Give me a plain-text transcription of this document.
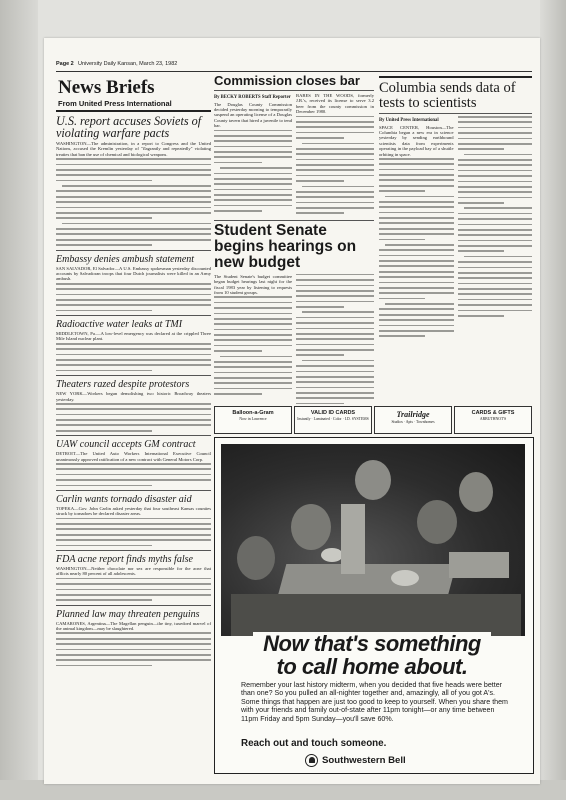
Page 2 University Daily Kansan, March 23, 1982
News Briefs
From United Press International
U.S. report accuses Soviets of violating warfare pacts
WASHINGTON—The administration, in a report to Congress and the United Nations, accused the Kremlin yesterday of "flagrantly and repeatedly" violating treaties that ban the use of chemical and biological weapons.
Embassy denies ambush statement
SAN SALVADOR, El Salvador—A U.S. Embassy spokesman yesterday discounted accounts by Salvadoran troops that four Dutch journalists were killed in an Army ambush.
Radioactive water leaks at TMI
MIDDLETOWN, Pa.—A low-level emergency was declared at the crippled Three Mile Island nuclear plant.
Theaters razed despite protestors
NEW YORK—Workers began demolishing two historic Broadway theaters yesterday.
UAW council accepts GM contract
DETROIT—The United Auto Workers International Executive Council unanimously approved ratification of a new contract with General Motors Corp.
Carlin wants tornado disaster aid
TOPEKA—Gov. John Carlin asked yesterday that four southeast Kansas counties struck by tornadoes be declared disaster areas.
FDA acne report finds myths false
WASHINGTON—Neither chocolate nor sex are responsible for the acne that afflicts nearly 80 percent of all adolescents.
Planned law may threaten penguins
CAMARONES, Argentina—The Magellan penguin—the tiny, tuxedoed marvel of the animal kingdom—may be slaughtered.
Commission closes bar
By BECKY ROBERTS Staff Reporter
The Douglas County Commission decided yesterday morning to temporarily suspend an operating license of a Douglas County tavern that hired a juvenile to tend bar.
BABES IN THE WOODS, formerly J.B.'s, received its license to serve 3.2 beer from the county commission in December 1980.
Student Senate begins hearings on new budget
The Student Senate's budget committee began budget hearings last night for the fiscal 1983 year by listening to requests from 10 student groups.
Columbia sends data of tests to scientists
By United Press International
SPACE CENTER, Houston—The Columbia began a new era in science yesterday by sending earthbound scientists data from experiments operating in the payload bay of a shuttle orbiting in space.
Balloon-a-Gram
Now in Lawrence
VALID ID CARDS
Instantly · Laminated · Color · I.D. SYSTEMS	Trailridge
Studios · Apts · Townhomes
CARDS & GIFTS
ARBUTHNOT'S
Now that's something
to call home about.
Remember your last history midterm, when you decided that five heads were better than one? So you pulled an all-nighter together and, amazingly, all of you got A's. Some things that happen are just too good to keep to yourself. When you share them with your friends and family out-of-state after 11pm tonight—or any time between 11pm Friday and 5pm Sunday—you'll save 60%.
Reach out and touch someone.
Southwestern Bell
